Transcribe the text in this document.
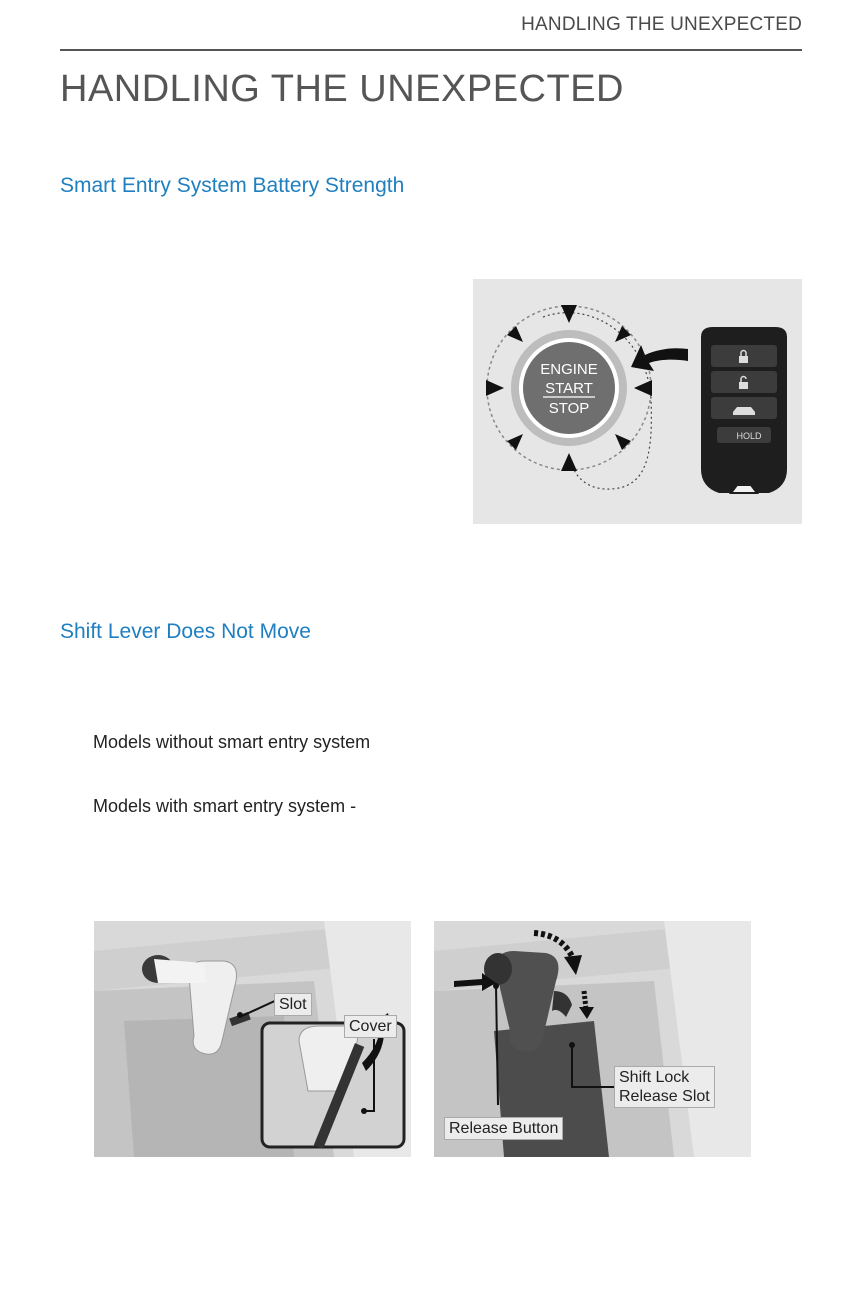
HANDLING THE UNEXPECTED
HANDLING THE UNEXPECTED
Smart Entry System Battery Strength
ENGINE
START
STOP
HOLD
Shift Lever Does Not Move
Models without smart entry system
Models with smart entry system -
Slot
Cover
Shift Lock
Release Slot
Release Button
